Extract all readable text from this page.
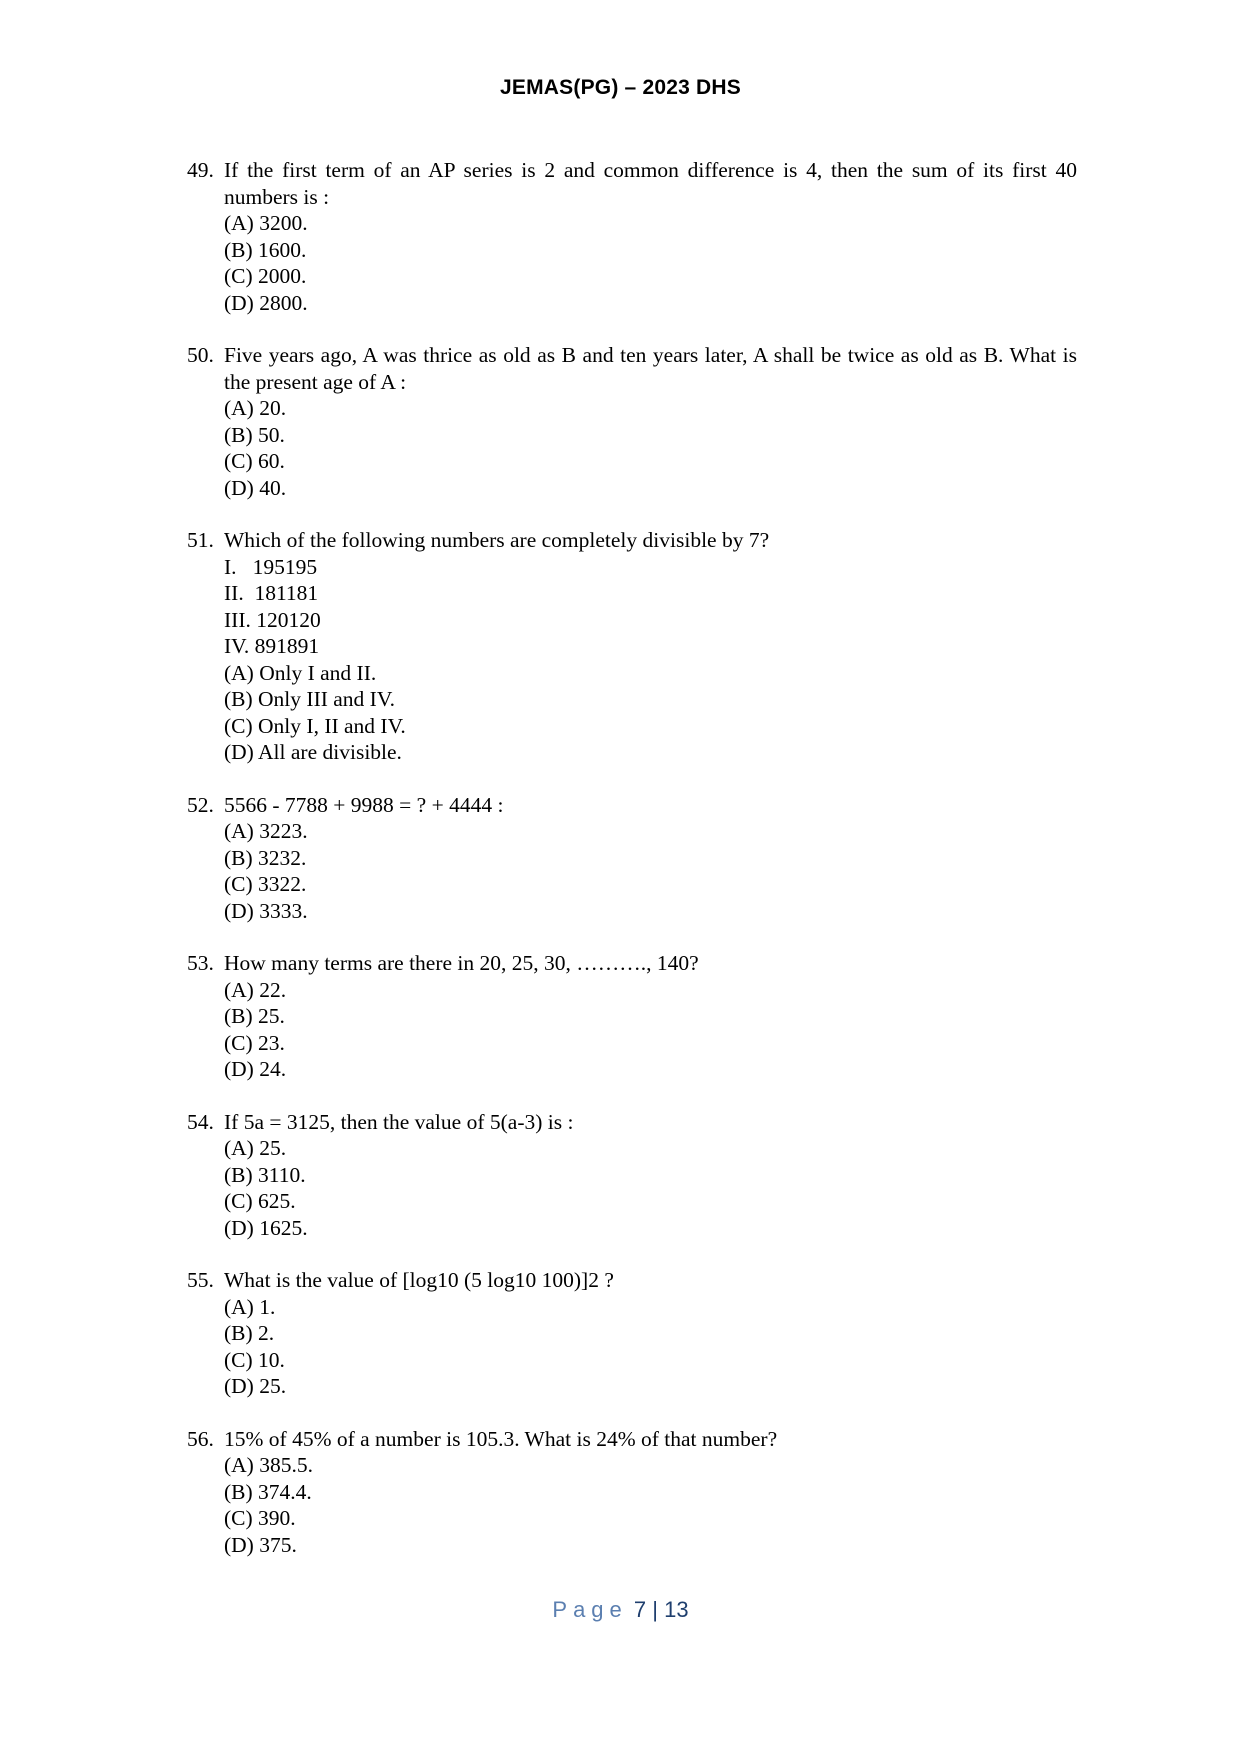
JEMAS(PG) – 2023 DHS
49. If the first term of an AP series is 2 and common difference is 4, then the sum of its first 40 numbers is :
(A) 3200.
(B) 1600.
(C) 2000.
(D) 2800.
50. Five years ago, A was thrice as old as B and ten years later, A shall be twice as old as B. What is the present age of A :
(A) 20.
(B) 50.
(C) 60.
(D) 40.
51. Which of the following numbers are completely divisible by 7?
I.   195195
II.  181181
III. 120120
IV. 891891
(A) Only I and II.
(B) Only III and IV.
(C) Only I, II and IV.
(D) All are divisible.
52. 5566 - 7788 + 9988 = ? + 4444 :
(A) 3223.
(B) 3232.
(C) 3322.
(D) 3333.
53. How many terms are there in 20, 25, 30, ………., 140?
(A) 22.
(B) 25.
(C) 23.
(D) 24.
54. If 5a = 3125, then the value of 5(a-3) is :
(A) 25.
(B) 3110.
(C) 625.
(D) 1625.
55. What is the value of [log10 (5 log10 100)]2 ?
(A) 1.
(B) 2.
(C) 10.
(D) 25.
56. 15% of 45% of a number is 105.3. What is 24% of that number?
(A) 385.5.
(B) 374.4.
(C) 390.
(D) 375.
Page 7 | 13
